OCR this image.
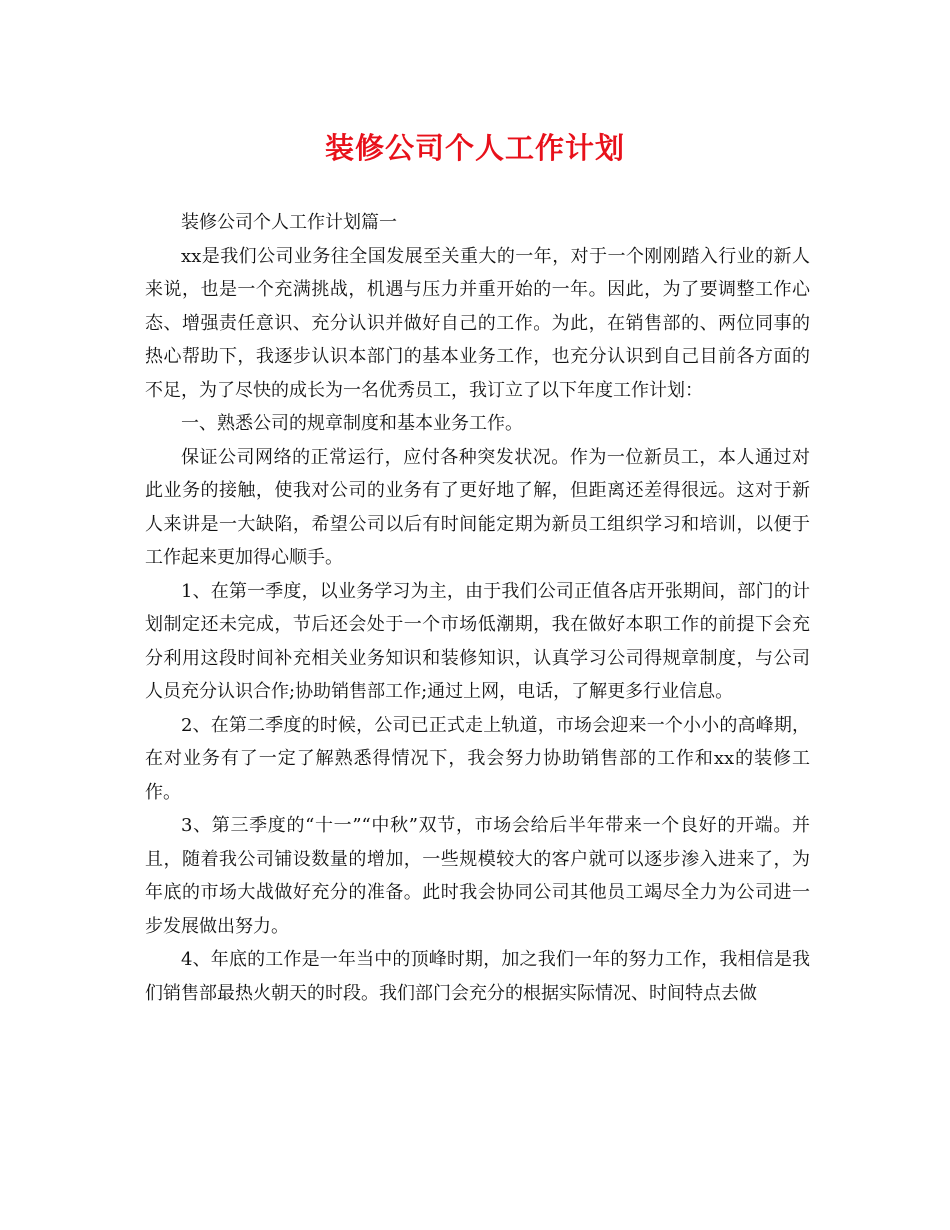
装修公司个人工作计划

装修公司个人工作计划篇一

xx是我们公司业务往全国发展至关重大的一年，对于一个刚刚踏入行业的新人来说，也是一个充满挑战，机遇与压力并重开始的一年。因此，为了要调整工作心态、增强责任意识、充分认识并做好自己的工作。为此，在销售部的、两位同事的热心帮助下，我逐步认识本部门的基本业务工作，也充分认识到自己目前各方面的不足，为了尽快的成长为一名优秀员工，我订立了以下年度工作计划：

一、熟悉公司的规章制度和基本业务工作。

保证公司网络的正常运行，应付各种突发状况。作为一位新员工，本人通过对此业务的接触，使我对公司的业务有了更好地了解，但距离还差得很远。这对于新人来讲是一大缺陷，希望公司以后有时间能定期为新员工组织学习和培训，以便于工作起来更加得心顺手。

1、在第一季度，以业务学习为主，由于我们公司正值各店开张期间，部门的计划制定还未完成，节后还会处于一个市场低潮期，我在做好本职工作的前提下会充分利用这段时间补充相关业务知识和装修知识，认真学习公司得规章制度，与公司人员充分认识合作;协助销售部工作;通过上网，电话，了解更多行业信息。

2、在第二季度的时候，公司已正式走上轨道，市场会迎来一个小小的高峰期，在对业务有了一定了解熟悉得情况下，我会努力协助销售部的工作和xx的装修工作。

3、第三季度的“十一”“中秋”双节，市场会给后半年带来一个良好的开端。并且，随着我公司铺设数量的增加，一些规模较大的客户就可以逐步渗入进来了，为年底的市场大战做好充分的准备。此时我会协同公司其他员工竭尽全力为公司进一步发展做出努力。

4、年底的工作是一年当中的顶峰时期，加之我们一年的努力工作，我相信是我们销售部最热火朝天的时段。我们部门会充分的根据实际情况、时间特点去做
